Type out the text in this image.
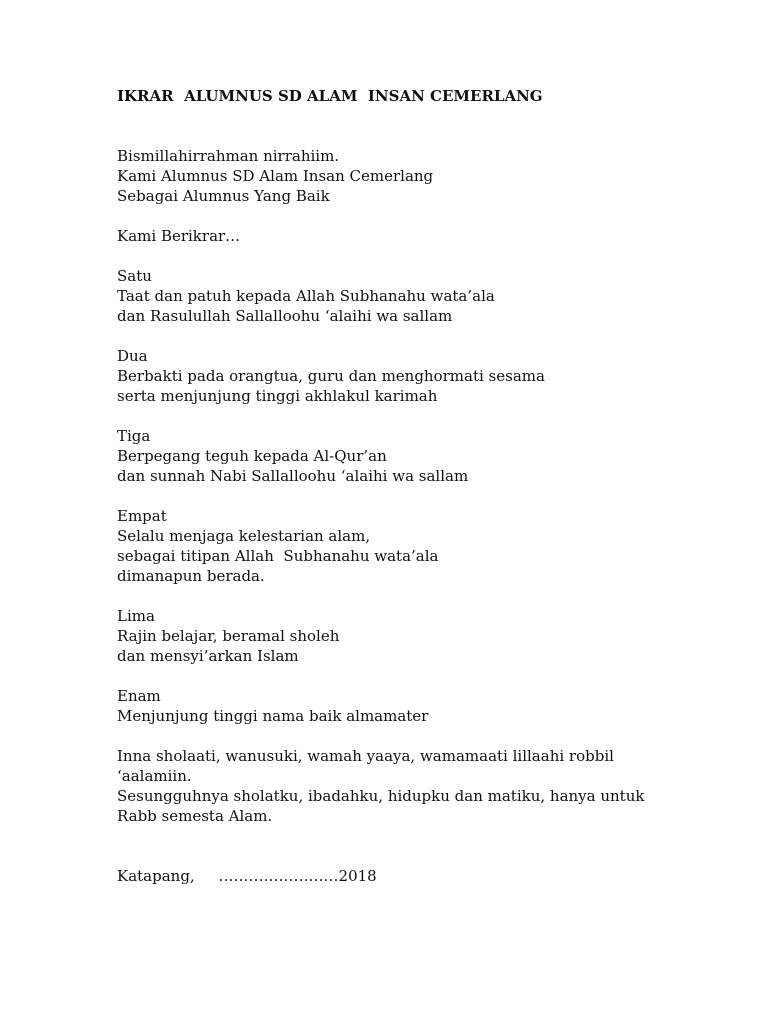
IKRAR  ALUMNUS SD ALAM  INSAN CEMERLANG
Bismillahirrahman nirrahiim.
Kami Alumnus SD Alam Insan Cemerlang
Sebagai Alumnus Yang Baik
Kami Berikrar…
Satu
Taat dan patuh kepada Allah Subhanahu wata’ala
dan Rasulullah Sallalloohu ‘alaihi wa sallam
Dua
Berbakti pada orangtua, guru dan menghormati sesama
serta menjunjung tinggi akhlakul karimah
Tiga
Berpegang teguh kepada Al-Qur’an
dan sunnah Nabi Sallalloohu ‘alaihi wa sallam
Empat
Selalu menjaga kelestarian alam,
sebagai titipan Allah  Subhanahu wata’ala
dimanapun berada.
Lima
Rajin belajar, beramal sholeh
dan mensyi’arkan Islam
Enam
Menjunjung tinggi nama baik almamater
Inna sholaati, wanusuki, wamah yaaya, wamamaati lillaahi robbil
‘aalamiin.
Sesungguhnya sholatku, ibadahku, hidupku dan matiku, hanya untuk
Rabb semesta Alam.
Katapang,     ……………………2018
